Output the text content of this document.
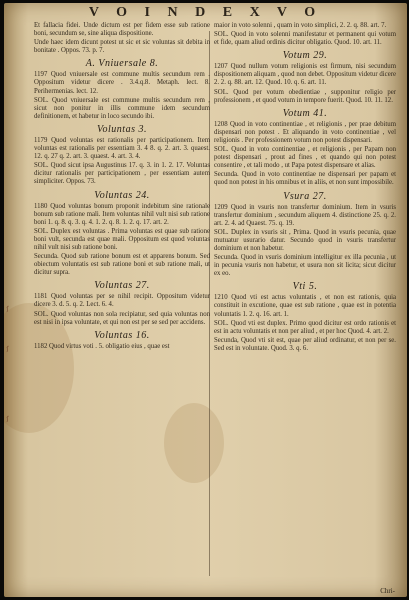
V O I N D E X V O
Et fallacia fidei. Unde dictum est per fidem esse sub ratione boni, secundum se, sine aliqua dispositione.
Unde haec idem dicunt potest ut sic et sic voluntas sit debita in bonitate . Oppos. 73. p. 7.
A. Vniuersale 8.
1197 Quod vniuersale est commune multis secundum rem . Oppositum videtur dicere . 3.4.q.8. Metaph. lect. 8. Perihermenias. lect. 12.
SOL. Quod vniuersale est commune multis secundum rem , sicut non ponitur in illis commune idem secundum definitionem, et habetur in loco secundo ibi.
Voluntas 3.
1179 Quod voluntas est rationalis per participationem. Item voluntas est rationalis per essentiam 3. 4 8. q. 2. art. 3. quaest. 12. q. 27 q. 2. art. 3. quaest. 4. art. 3. 4.
SOL. Quod sicut ipsa Augustinus 17. q. 3. in 1. 2. 17. Voluntas dicitur rationalis per participationem , per essentiam autem simpliciter. Oppos. 73.
Voluntas 24.
1180 Quod voluntas bonum proponit indebitum sine rationale bonum sub ratione mali. Item voluntas nihil vult nisi sub ratione boni 1. q. 8. q. 3. q. 4. 1. 2. q. 8. 1. 2. q. 17. art. 2.
SOL. Duplex est voluntas . Prima voluntas est quae sub ratione boni vult, secunda est quae mali. Oppositum est quod voluntas nihil vult nisi sub ratione boni.
Secunda. Quod sub ratione bonum est et apparens bonum. Sed obiectum voluntatis est sub ratione boni et sub ratione mali, ut dicitur supra.
Voluntas 27.
1181 Quod voluntas per se nihil recipit. Oppositum videtur dicere 3. d. 5. q. 2. Lect. 6. 4.
SOL. Quod voluntas non sola recipiatur, sed quia voluntas non est nisi in ipsa voluntate, et qui non est per se sed per accidens.
Voluntas 16.
1182 Quod virtus voti . 5. obligatio eius , quae est
maior in voto solenni , quam in voto simplici, 2. 2. q. 88. art. 7.
SOL. Quod in voto solenni manifestatur et permanent qui votum et fide, quam aliud ordinis dicitur obligatio. Quod. 10. art. 11.
Votum 29.
1207 Quod nullum votum religionis est firmum, nisi secundum dispositionem aliquam , quod non debet. Oppositum videtur dicere 2. 2. q. 88. art. 12. Quod. 10. q. 6. art. 11.
SOL. Quod per votum obedientiae , supponitur religio per professionem , et quod votum in tempore fuerit. Quod. 10. 11. 12.
Votum 41.
1208 Quod in voto continentiae , et religionis , per prae debitum dispensari non potest . Et aliquando in voto continentiae , vel religionis . Per professionem votum non potest dispensari.
SOL. Quod in voto continentiae , et religionis , per Papam non potest dispensari , prout ad fines , et quando qui non potest consentire , et tali modo , ut Papa potest dispensare et alias.
Secunda. Quod in voto continentiae ne dispensari per papam et quod non potest in his omnibus et in aliis, et non sunt impossibile.
Vsura 27.
1209 Quod in vsuris non transfertur dominium. Item in vsuris transfertur dominium , secundum aliquem 4. distinctione 25. q. 2. art. 2. 4. ad Quaest. 75. q. 19.
SOL. Duplex in vsuris sit , Prima. Quod in vsuris pecunia, quae mutuatur usurario datur. Secundo quod in vsuris transfertur dominium et non habetur.
Secunda. Quod in vsuris dominium intelligitur ex illa pecunia , ut in pecunia vsuris non habetur, et usura non sit licita; sicut dicitur ex eo.
Vti 5.
1210 Quod vti est actus voluntatis , et non est rationis, quia constituit in excutione, quae est sub ratione , quae est in potentia voluntatis 1. 2. q. 16. art. 1.
SOL. Quod vti est duplex. Primo quod dicitur est ordo rationis et est in actu voluntatis et non per aliud , et per hoc Quod. 4. art. 2.
Secunda, Quod vti sit est, quae per aliud ordinatur, et non per se. Sed est in voluntate. Quod. 3. q. 6.
ſ
ſ
ſ
Chri-
